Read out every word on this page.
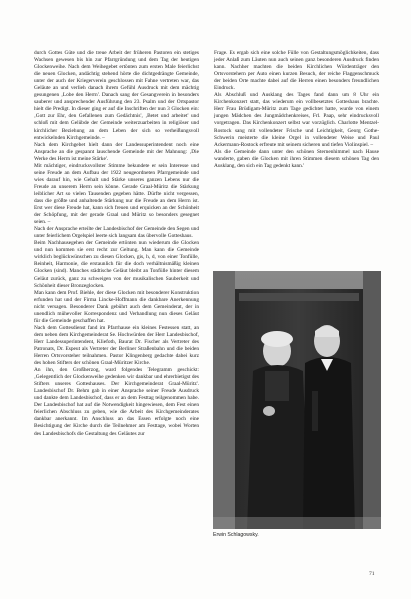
durch Gottes Güte und die treue Arbeit der früheren Pastoren ein stetiges Wachsen gewesen bis hin zur Pfarrgründung und dem Tag der heutigen Glockenweihe. Nach dem Weihegebet ertönten zum ersten Male feierlichst die neuen Glocken, andächtig stehend hörte die dichtgedrängte Gemeinde, unter der auch der Kriegerverein geschlossen mit Fahne vertreten war, das Geläute an und verlieh danach ihrem Gefühl Ausdruck mit dem mächtig gesungenen ‚Lobe den Herrn'. Danach sang der Gesangverein in besonders sauberer und ansprechender Ausführung den 23. Psalm und der Ortspastor hielt die Predigt. In dieser ging er auf die Inschriften der nun 3 Glocken ein: ‚Gott zur Ehr, den Gefallenen zum Gedächtnis', ‚Betet und arbeitet' und schloß mit dem Gelübde der Gemeinde weiterzuarbeiten in religiöser und kirchlicher Beziehung an dem Leben der sich so verheißungsvoll entwickelnden Kirchgemeinde. –

Nach dem Kirchgebet hielt dann der Landessuperintendent noch eine Ansprache an die gespannt lauschende Gemeinde mit der Mahnung: ‚Die Werke des Herrn ist meine Stärke'.

Mit mächtiger, eindrucksvollster Stimme bekundete er sein Interesse und seine Freude an dem Aufbau der 1922 neugeordneten Pfarrgemeinde und wies darauf hin, wie Gehalt und Stärke unseres ganzen Lebens nur die Freude an unserem Herrn sein könne. Gerade Graal-Müritz die Stärkung leiblicher Art so vielen Tausenden gegeben hätte. Dürfte nicht vergessen, dass die größte und anhaltende Stärkung nur die Freude an dem Herrn ist. Erst wer diese Freude hat, kann sich freuen und erquicken an der Schönheit der Schöpfung, mit der gerade Graal und Müritz so besonders gesegnet seien. –

Nach der Ansprache erteilte der Landesbischof der Gemeinde den Segen und unter feierlichem Orgelspiel leerte sich langsam das übervolle Gotteshaus.

Beim Nachhausegehen der Gemeinde ertönten nun wiederum die Glocken und nun kommen sie erst recht zur Geltung. Man kann die Gemeinde wirklich beglückwünschen zu diesen Glocken, gis, h, d, von einer Tonfülle, Reinheit, Harmonie, die erstaunlich für die doch verhältnismäßig kleinen Glocken (sind). Manches städtische Geläut bleibt an Tonfülle hinter diesem Geläut zurück, ganz zu schweigen von der musikalischen Sauberkeit und Schönheit dieser Bronzeglocken.

Man kann dem Prof. Biehle, der diese Glocken mit besonderer Konstruktion erfunden hat und der Firma Lincke-Hoffmann die dankbare Anerkennung nicht versagen. Besonderer Dank gebührt auch dem Gemeinderat, der in unendlich mühevoller Korrespondenz und Verhandlung nun dieses Geläut für die Gemeinde geschaffen hat.

Nach dem Gottesdienst fand im Pfarrhause ein kleines Festessen statt, an dem neben dem Kirchgemeinderat Se. Hochwürden der Herr Landesbischof, Herr Landessuperintendent, Kliefoth, Baurat Dr. Fischer als Vertreter des Patronats, Dr. Espeut als Vertreter der Berliner Straßenbahn und die beiden Herren Ortsvorsteher teilnahmen. Pastor Klingenberg gedachte dabei kurz des hohen Stifters der schönen Graal-Müritzer Kirche.

An ihn, den Großherzog, ward folgendes Telegramm geschickt: ‚Gelegentlich der Glockenweihe gedenken wir dankbar und ehrerbietigst des Stifters unseres Gotteshauses. Der Kirchgemeinderat Graal-Müritz'. Landesbischof Dr. Behm gab in einer Ansprache seiner Freude Ausdruck und dankte dem Landesbischof, dass er an dem Festtag teilgenommen habe. Der Landesbischof hat auf die Notwendigkeit hingewiesen, dem Fest einen feierlichen Abschluss zu geben, wie die Arbeit des Kirchgemeinderates dankbar anerkannt. Im Anschluss an das Essen erfolgte noch eine Besichtigung der Kirche durch die Teilnehmer am Festtage, wobei Worten des Landesbischofs die Gestaltung des Geläutes zur

Frage. Es ergab sich eine solche Fülle von Gestaltungsmöglichkeiten, dass jeder Anlaß zum Läuten nun auch seinen ganz besonderen Ausdruck finden kann. Nachher machten die beiden Kirchlichen Würdenträger den Ortsvorstehern per Auto einen kurzen Besuch, der reiche Flaggenschmuck der beiden Orte machte dabei auf die Herren einen besonders freundlichen Eindruck.

Als Abschluß und Ausklang des Tages fand dann um 8 Uhr ein Kirchenkonzert statt, das wiederum ein vollbesetztes Gotteshaus brachte. Herr Frau Brüdigam-Müritz zum Tage gedichtet hatte, wurde von einem jungen Mädchen des Jungmädchenkreises, Frl. Paap, sehr eindrucksvoll vorgetragen. Das Kirchenkonzert selbst war vorzüglich. Charlotte Mentzel-Rostock sang mit vollendeter Frische und Leichtigkeit, Georg Gothe-Schwerin meisterte die kleine Orgel in vollendeter Weise und Paul Ackermann-Rostock erfreute mit seinem sicheren und tiefen Violinspiel. –

Als die Gemeinde dann unter den schönen Sternenhimmel nach Hause wanderte, gaben die Glocken mit ihren Stimmen diesem schönen Tag den Ausklang, den sich ein Tag gedenkt kann.'

Erwin Schlagowsky.
71
